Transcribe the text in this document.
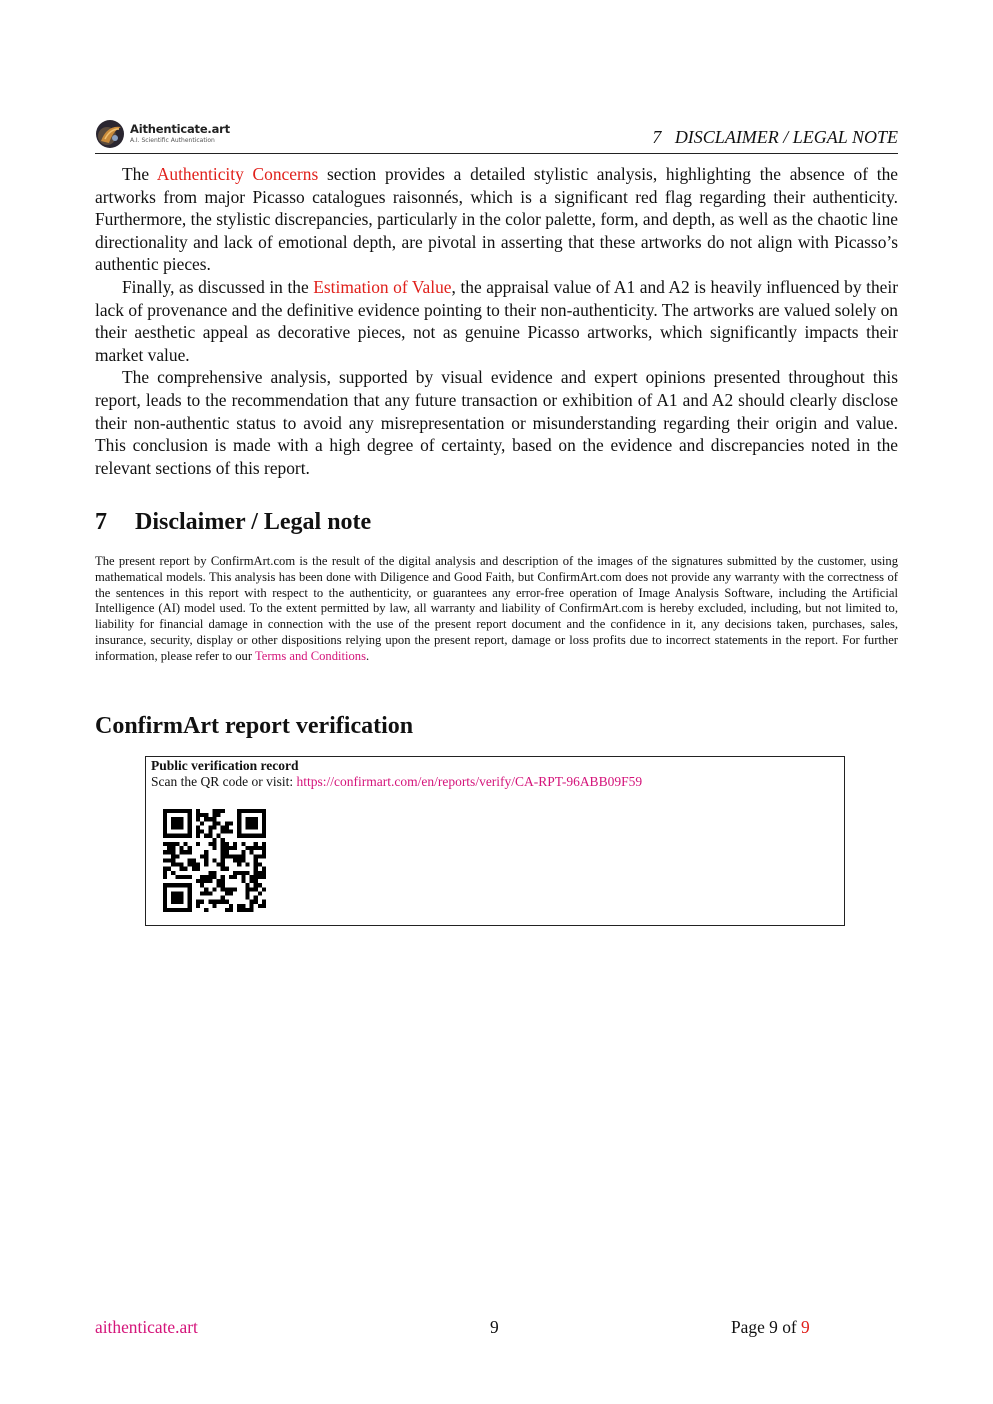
Aithenticate.art
A.I. Scientific Authentication	7   DISCLAIMER / LEGAL NOTE

The Authenticity Concerns section provides a detailed stylistic analysis, highlighting the absence of the artworks from major Picasso catalogues raisonnés, which is a significant red flag regarding their authenticity. Furthermore, the stylistic discrepancies, particularly in the color palette, form, and depth, as well as the chaotic line directionality and lack of emotional depth, are pivotal in asserting that these artworks do not align with Picasso’s authentic pieces.

Finally, as discussed in the Estimation of Value, the appraisal value of A1 and A2 is heavily influenced by their lack of provenance and the definitive evidence pointing to their non-authenticity. The artworks are valued solely on their aesthetic appeal as decorative pieces, not as genuine Picasso artworks, which significantly impacts their market value.

The comprehensive analysis, supported by visual evidence and expert opinions presented throughout this report, leads to the recommendation that any future transaction or exhibition of A1 and A2 should clearly disclose their non-authentic status to avoid any misrepresentation or misunderstanding regarding their origin and value. This conclusion is made with a high degree of certainty, based on the evidence and discrepancies noted in the relevant sections of this report.

7 Disclaimer / Legal note
The present report by ConfirmArt.com is the result of the digital analysis and description of the images of the signatures submitted by the customer, using mathematical models. This analysis has been done with Diligence and Good Faith, but ConfirmArt.com does not provide any warranty with the correctness of the sentences in this report with respect to the authenticity, or guarantees any error-free operation of Image Analysis Software, including the Artificial Intelligence (AI) model used. To the extent permitted by law, all warranty and liability of ConfirmArt.com is hereby excluded, including, but not limited to, liability for financial damage in connection with the use of the present report document and the confidence in it, any decisions taken, purchases, sales, insurance, security, display or other dispositions relying upon the present report, damage or loss profits due to incorrect statements in the report. For further information, please refer to our Terms and Conditions.
ConfirmArt report verification
Public verification record
Scan the QR code or visit: https://confirmart.com/en/reports/verify/CA-RPT-96ABB09F59
aithenticate.art	9	Page 9 of 9
